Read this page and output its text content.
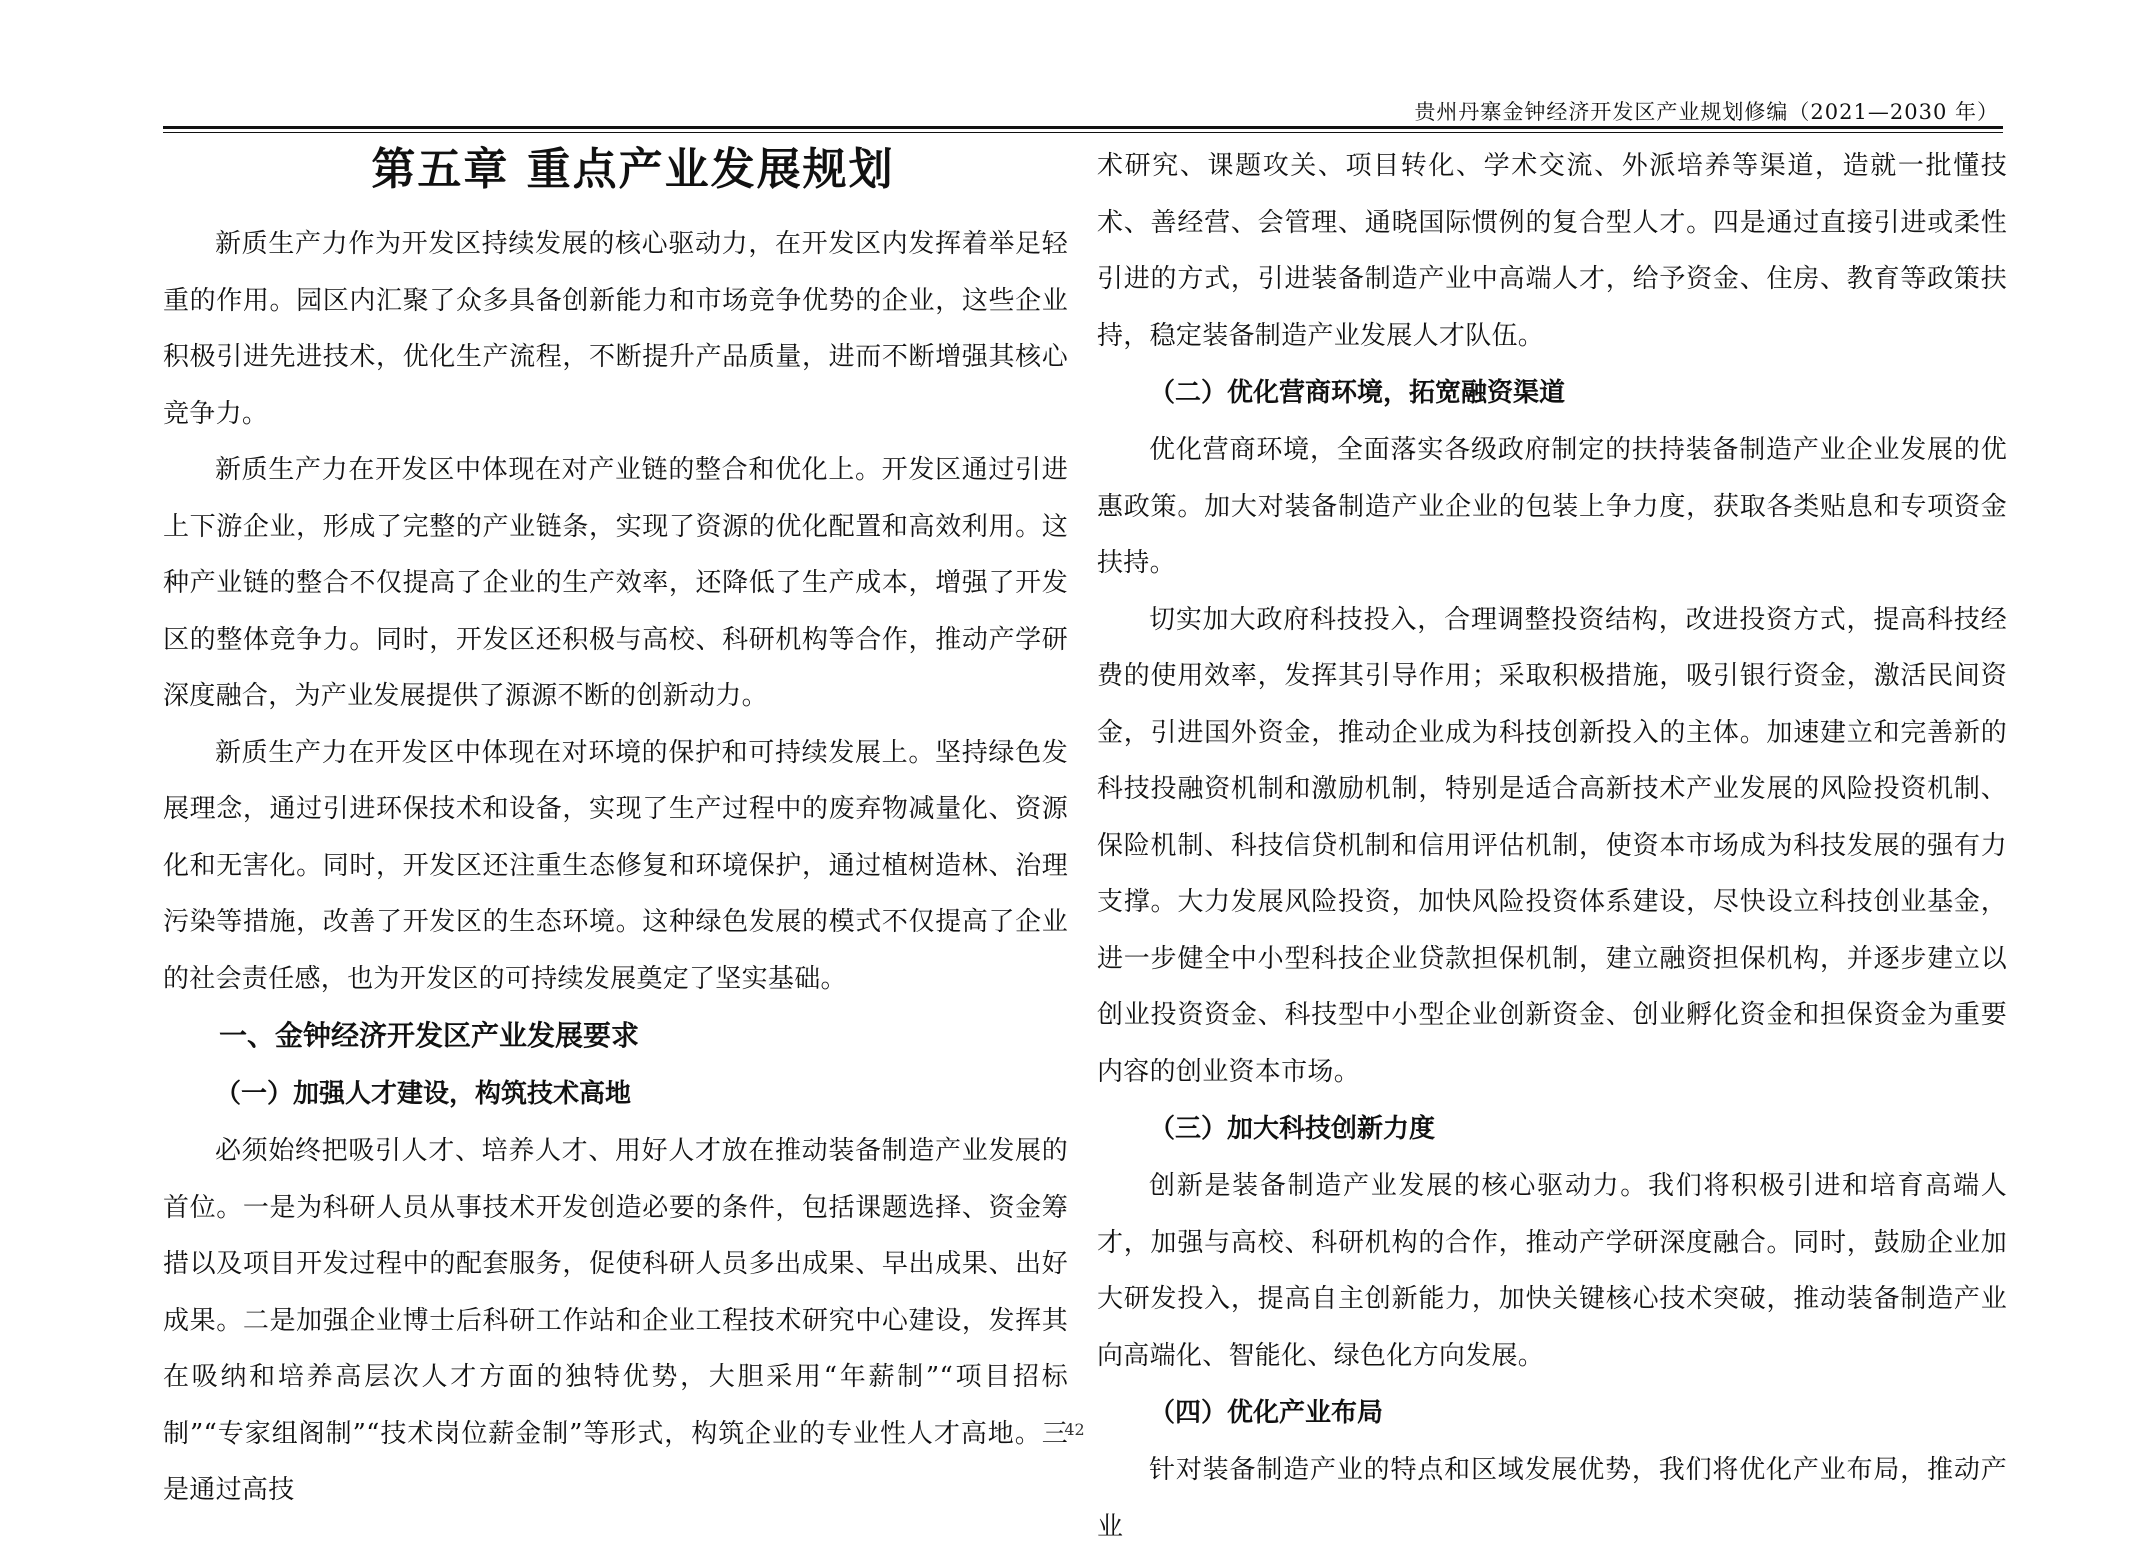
贵州丹寨金钟经济开发区产业规划修编（2021—2030 年）
第五章 重点产业发展规划

新质生产力作为开发区持续发展的核心驱动力，在开发区内发挥着举足轻重的作用。园区内汇聚了众多具备创新能力和市场竞争优势的企业，这些企业积极引进先进技术，优化生产流程，不断提升产品质量，进而不断增强其核心竞争力。

新质生产力在开发区中体现在对产业链的整合和优化上。开发区通过引进上下游企业，形成了完整的产业链条，实现了资源的优化配置和高效利用。这种产业链的整合不仅提高了企业的生产效率，还降低了生产成本，增强了开发区的整体竞争力。同时，开发区还积极与高校、科研机构等合作，推动产学研深度融合，为产业发展提供了源源不断的创新动力。

新质生产力在开发区中体现在对环境的保护和可持续发展上。坚持绿色发展理念，通过引进环保技术和设备，实现了生产过程中的废弃物减量化、资源化和无害化。同时，开发区还注重生态修复和环境保护，通过植树造林、治理污染等措施，改善了开发区的生态环境。这种绿色发展的模式不仅提高了企业的社会责任感，也为开发区的可持续发展奠定了坚实基础。

一、金钟经济开发区产业发展要求
（一）加强人才建设，构筑技术高地

必须始终把吸引人才、培养人才、用好人才放在推动装备制造产业发展的首位。一是为科研人员从事技术开发创造必要的条件，包括课题选择、资金筹措以及项目开发过程中的配套服务，促使科研人员多出成果、早出成果、出好成果。二是加强企业博士后科研工作站和企业工程技术研究中心建设，发挥其在吸纳和培养高层次人才方面的独特优势，大胆采用“年薪制”“项目招标制”“专家组阁制”“技术岗位薪金制”等形式，构筑企业的专业性人才高地。三是通过高技

术研究、课题攻关、项目转化、学术交流、外派培养等渠道，造就一批懂技术、善经营、会管理、通晓国际惯例的复合型人才。四是通过直接引进或柔性引进的方式，引进装备制造产业中高端人才，给予资金、住房、教育等政策扶持，稳定装备制造产业发展人才队伍。

（二）优化营商环境，拓宽融资渠道

优化营商环境，全面落实各级政府制定的扶持装备制造产业企业发展的优惠政策。加大对装备制造产业企业的包装上争力度，获取各类贴息和专项资金扶持。

切实加大政府科技投入，合理调整投资结构，改进投资方式，提高科技经费的使用效率，发挥其引导作用；采取积极措施，吸引银行资金，激活民间资金，引进国外资金，推动企业成为科技创新投入的主体。加速建立和完善新的科技投融资机制和激励机制，特别是适合高新技术产业发展的风险投资机制、保险机制、科技信贷机制和信用评估机制，使资本市场成为科技发展的强有力支撑。大力发展风险投资，加快风险投资体系建设，尽快设立科技创业基金，进一步健全中小型科技企业贷款担保机制，建立融资担保机构，并逐步建立以创业投资资金、科技型中小型企业创新资金、创业孵化资金和担保资金为重要内容的创业资本市场。

（三）加大科技创新力度

创新是装备制造产业发展的核心驱动力。我们将积极引进和培育高端人才，加强与高校、科研机构的合作，推动产学研深度融合。同时，鼓励企业加大研发投入，提高自主创新能力，加快关键核心技术突破，推动装备制造产业向高端化、智能化、绿色化方向发展。

（四）优化产业布局

针对装备制造产业的特点和区域发展优势，我们将优化产业布局，推动产业

42
